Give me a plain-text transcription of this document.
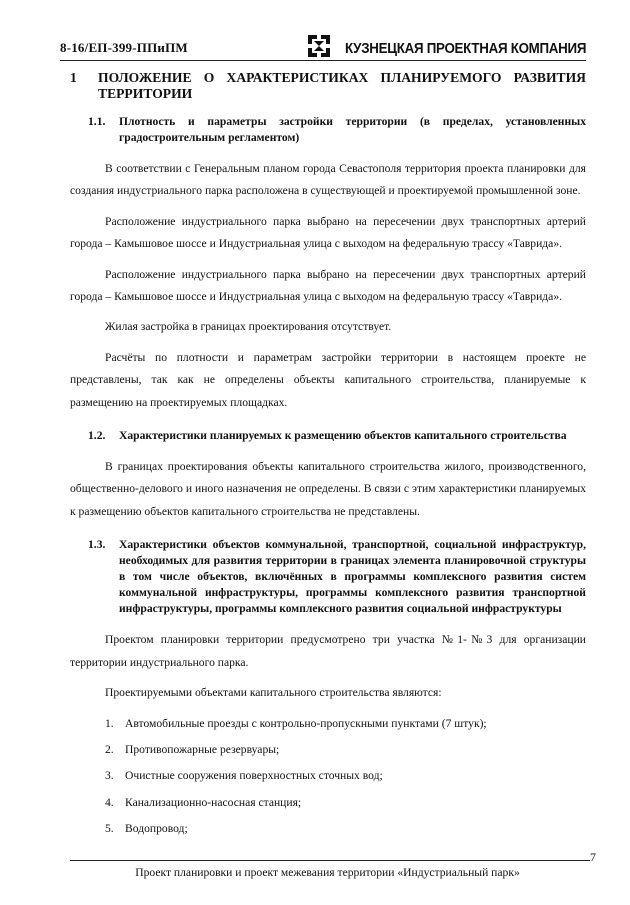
8-16/ЕП-399-ППиПМ	КУЗНЕЦКАЯ ПРОЕКТНАЯ КОМПАНИЯ
1 ПОЛОЖЕНИЕ О ХАРАКТЕРИСТИКАХ ПЛАНИРУЕМОГО РАЗВИТИЯ ТЕРРИТОРИИ
1.1. Плотность и параметры застройки территории (в пределах, установленных градостроительным регламентом)

В соответствии с Генеральным планом города Севастополя территория проекта планировки для создания индустриального парка расположена в существующей и проектируемой промышленной зоне.

Расположение индустриального парка выбрано на пересечении двух транспортных артерий города – Камышовое шоссе и Индустриальная улица с выходом на федеральную трассу «Таврида».

Расположение индустриального парка выбрано на пересечении двух транспортных артерий города – Камышовое шоссе и Индустриальная улица с выходом на федеральную трассу «Таврида».

Жилая застройка в границах проектирования отсутствует.

Расчёты по плотности и параметрам застройки территории в настоящем проекте не представлены, так как не определены объекты капитального строительства, планируемые к размещению на проектируемых площадках.

1.2. Характеристики планируемых к размещению объектов капитального строительства

В границах проектирования объекты капитального строительства жилого, производственного, общественно-делового и иного назначения не определены. В связи с этим характеристики планируемых к размещению объектов капитального строительства не представлены.

1.3. Характеристики объектов коммунальной, транспортной, социальной инфраструктур, необходимых для развития территории в границах элемента планировочной структуры в том числе объектов, включённых в программы комплексного развития систем коммунальной инфраструктуры, программы комплексного развития транспортной инфраструктуры, программы комплексного развития социальной инфраструктуры

Проектом планировки территории предусмотрено три участка №1-№3 для организации территории индустриального парка.

Проектируемыми объектами капитального строительства являются:

1. Автомобильные проезды с контрольно-пропускными пунктами (7 штук);
2. Противопожарные резервуары;
3. Очистные сооружения поверхностных сточных вод;
4. Канализационно-насосная станция;
5. Водопровод;
7
Проект планировки и проект межевания территории «Индустриальный парк»
